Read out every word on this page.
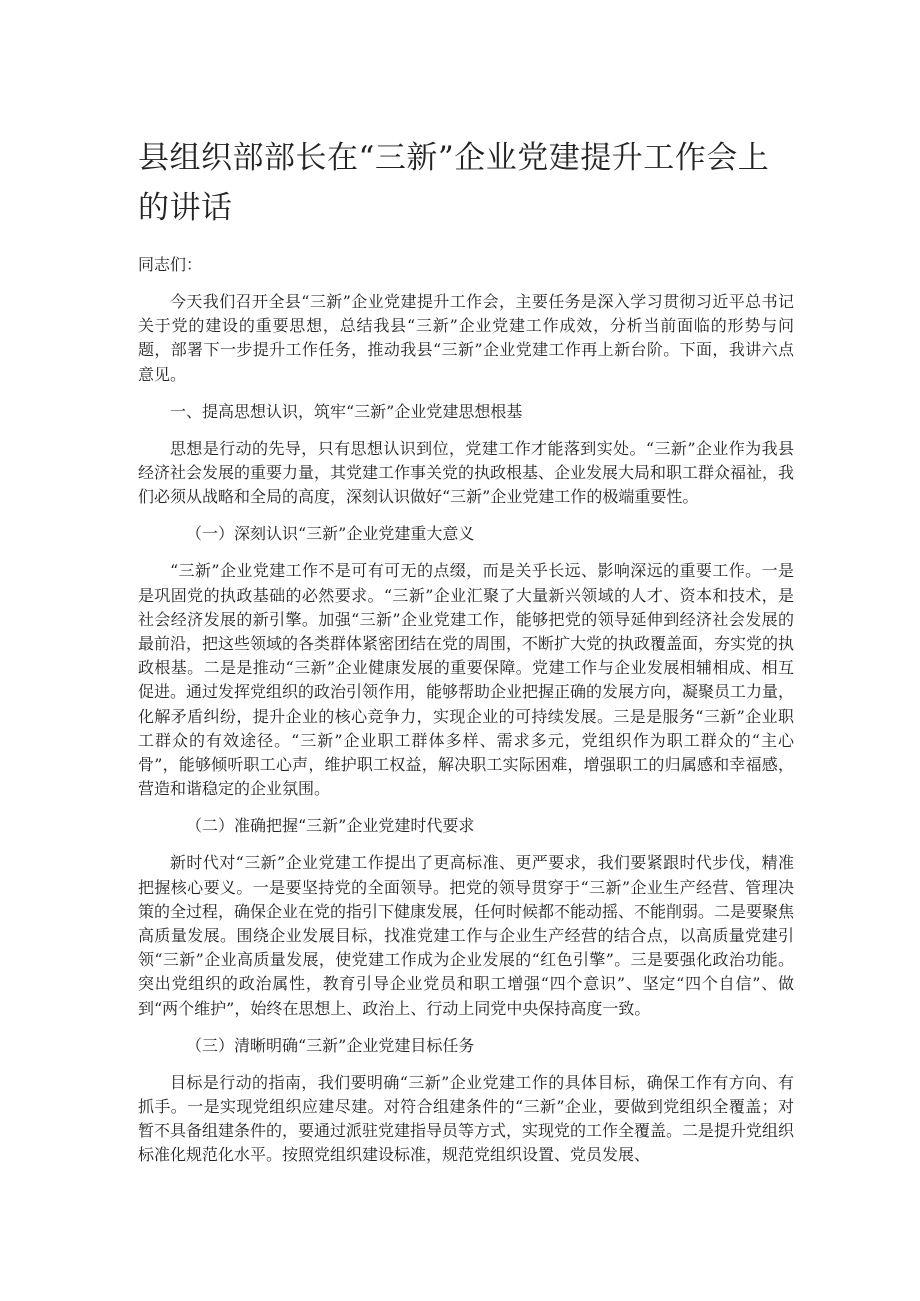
县组织部部长在“三新”企业党建提升工作会上的讲话

同志们：

今天我们召开全县“三新”企业党建提升工作会，主要任务是深入学习贯彻习近平总书记关于党的建设的重要思想，总结我县“三新”企业党建工作成效，分析当前面临的形势与问题，部署下一步提升工作任务，推动我县“三新”企业党建工作再上新台阶。下面，我讲六点意见。

一、提高思想认识，筑牢“三新”企业党建思想根基

思想是行动的先导，只有思想认识到位，党建工作才能落到实处。“三新”企业作为我县经济社会发展的重要力量，其党建工作事关党的执政根基、企业发展大局和职工群众福祉，我们必须从战略和全局的高度，深刻认识做好“三新”企业党建工作的极端重要性。

（一）深刻认识“三新”企业党建重大意义

“三新”企业党建工作不是可有可无的点缀，而是关乎长远、影响深远的重要工作。一是是巩固党的执政基础的必然要求。“三新”企业汇聚了大量新兴领域的人才、资本和技术，是社会经济发展的新引擎。加强“三新”企业党建工作，能够把党的领导延伸到经济社会发展的最前沿，把这些领域的各类群体紧密团结在党的周围，不断扩大党的执政覆盖面，夯实党的执政根基。二是是推动“三新”企业健康发展的重要保障。党建工作与企业发展相辅相成、相互促进。通过发挥党组织的政治引领作用，能够帮助企业把握正确的发展方向，凝聚员工力量，化解矛盾纠纷，提升企业的核心竞争力，实现企业的可持续发展。三是是服务“三新”企业职工群众的有效途径。“三新”企业职工群体多样、需求多元，党组织作为职工群众的“主心骨”，能够倾听职工心声，维护职工权益，解决职工实际困难，增强职工的归属感和幸福感，营造和谐稳定的企业氛围。

（二）准确把握“三新”企业党建时代要求

新时代对“三新”企业党建工作提出了更高标准、更严要求，我们要紧跟时代步伐，精准把握核心要义。一是要坚持党的全面领导。把党的领导贯穿于“三新”企业生产经营、管理决策的全过程，确保企业在党的指引下健康发展，任何时候都不能动摇、不能削弱。二是要聚焦高质量发展。围绕企业发展目标，找准党建工作与企业生产经营的结合点，以高质量党建引领“三新”企业高质量发展，使党建工作成为企业发展的“红色引擎”。三是要强化政治功能。突出党组织的政治属性，教育引导企业党员和职工增强“四个意识”、坚定“四个自信”、做到“两个维护”，始终在思想上、政治上、行动上同党中央保持高度一致。

（三）清晰明确“三新”企业党建目标任务

目标是行动的指南，我们要明确“三新”企业党建工作的具体目标，确保工作有方向、有抓手。一是实现党组织应建尽建。对符合组建条件的“三新”企业，要做到党组织全覆盖；对暂不具备组建条件的，要通过派驻党建指导员等方式，实现党的工作全覆盖。二是提升党组织标准化规范化水平。按照党组织建设标准，规范党组织设置、党员发展、
